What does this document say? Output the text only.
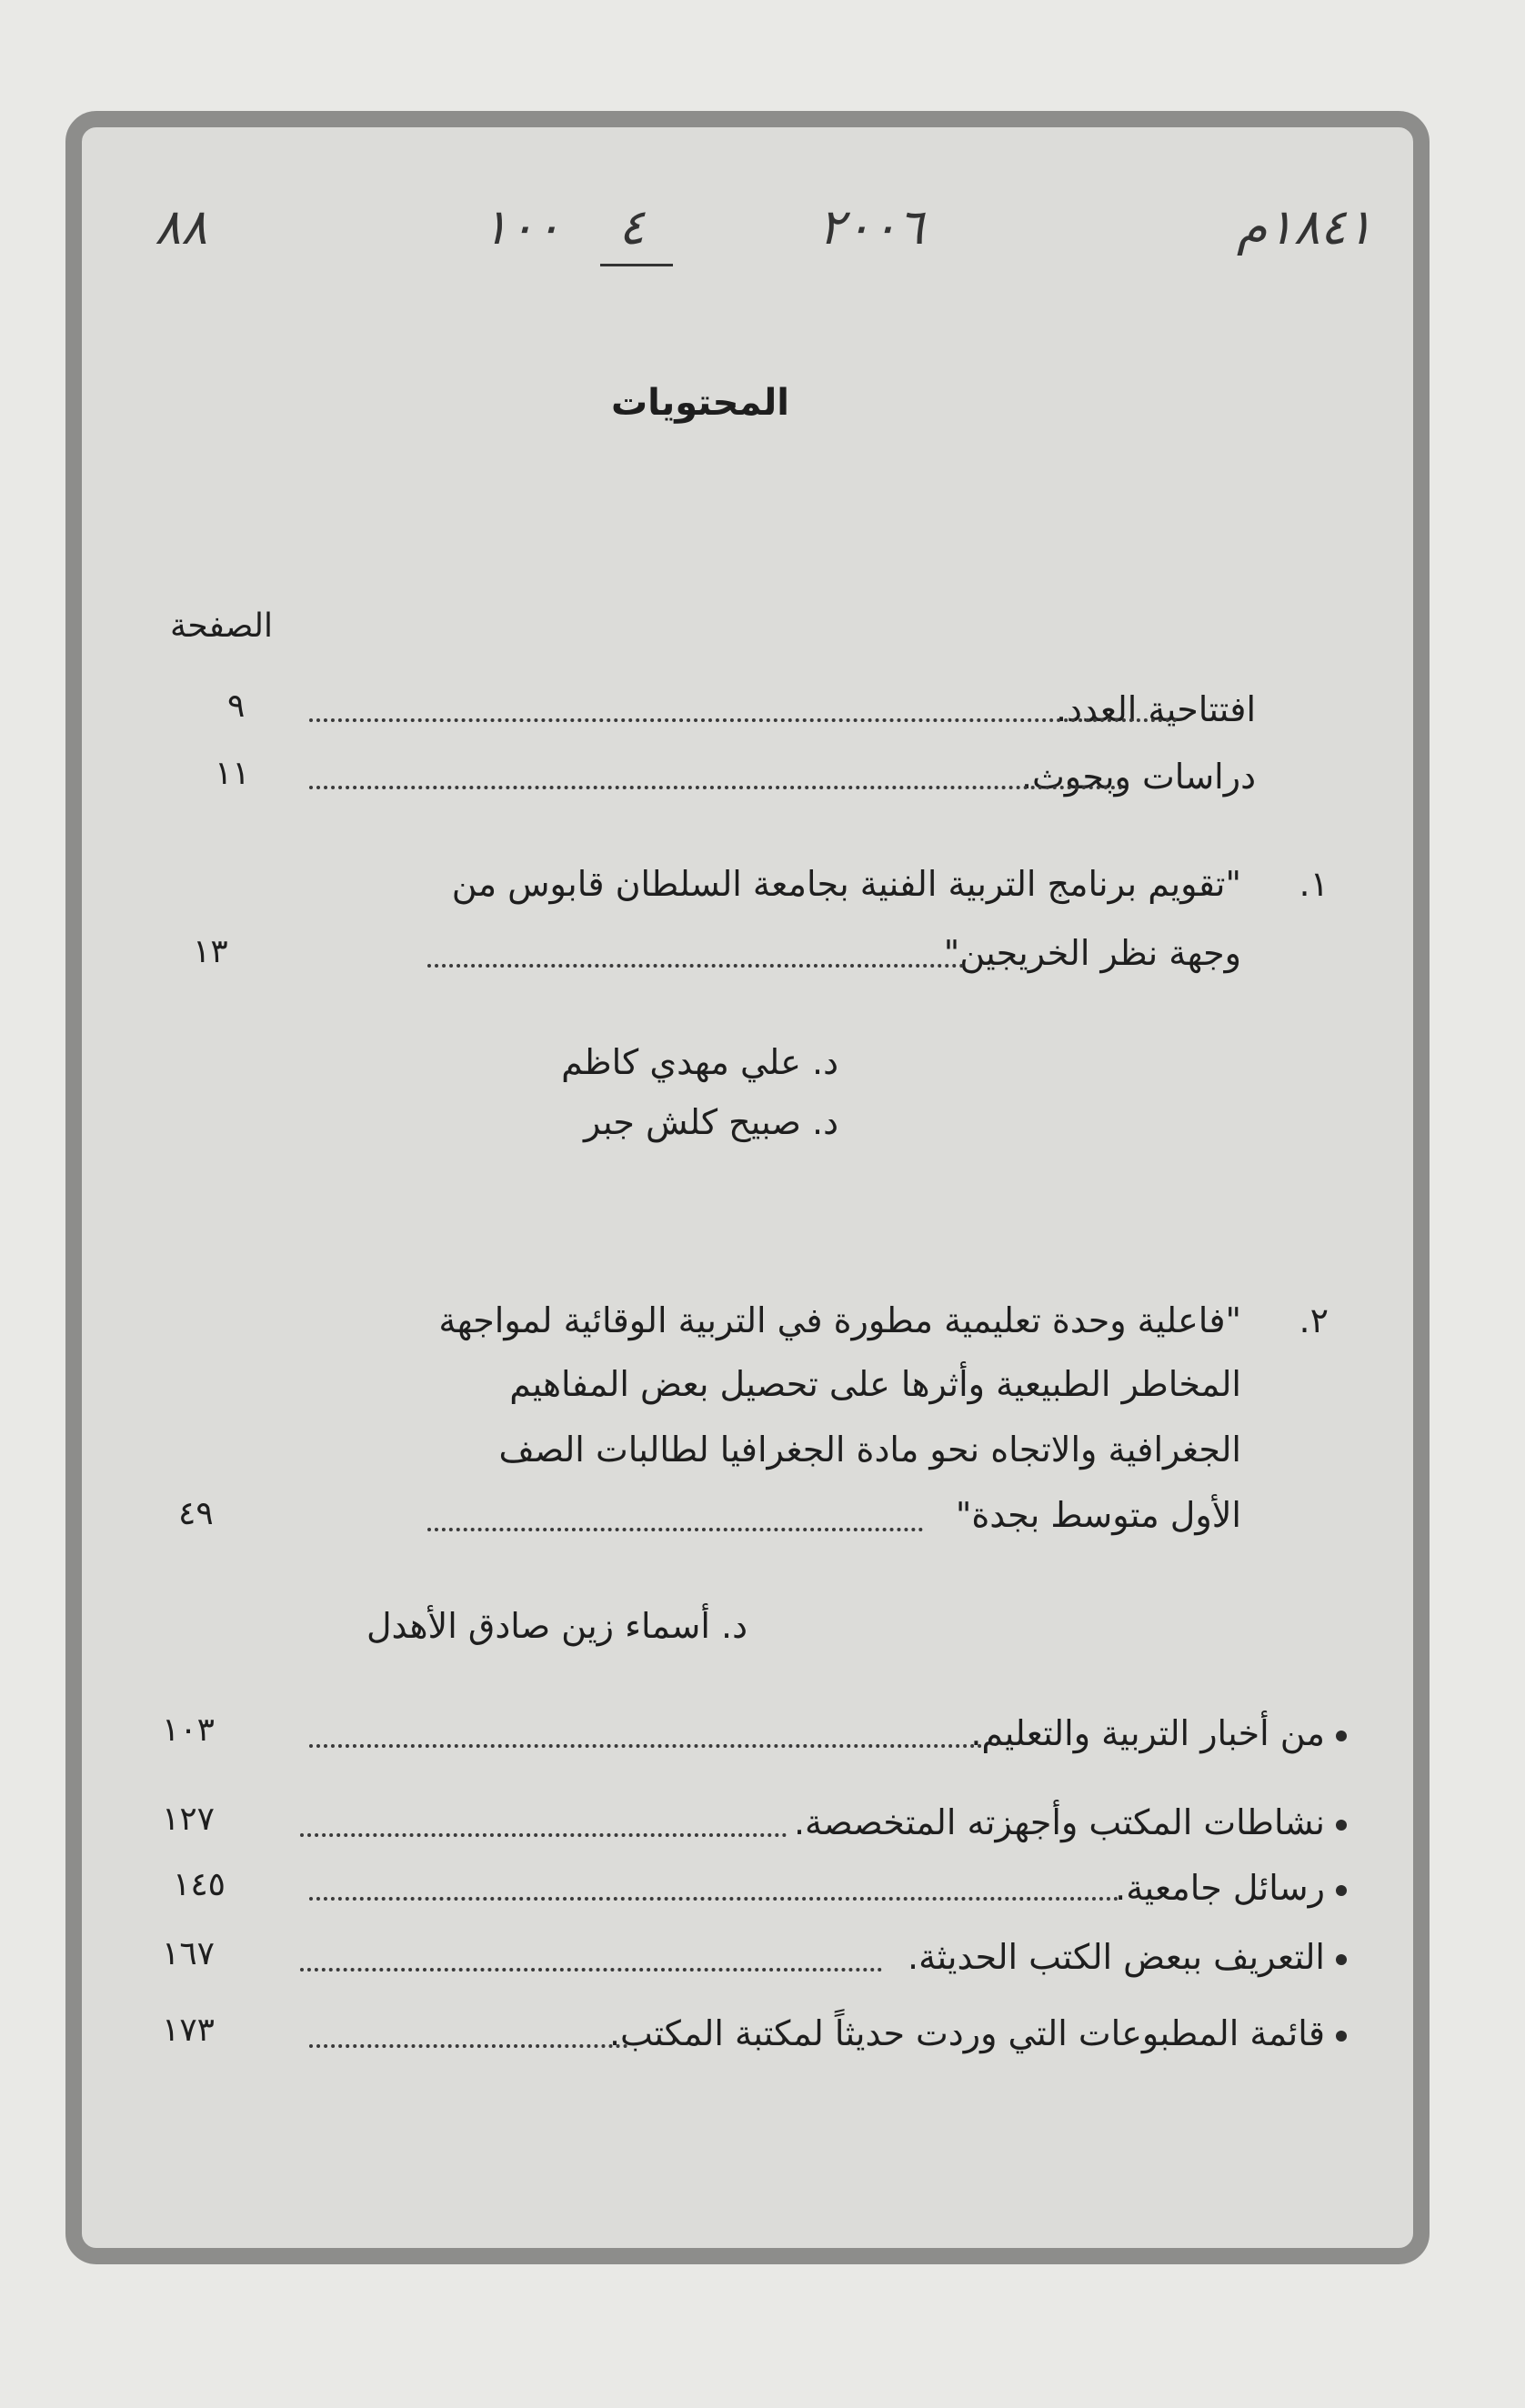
١٨٤١م
٢٠٠٦
٤
١٠٠
٨٨
المحتويات
الصفحة
افتتاحية العدد.
٩
دراسات وبحوث.
١١
١.
"تقويم برنامج التربية الفنية بجامعة السلطان قابوس من
وجهة نظر الخريجين"
١٣
د. علي مهدي كاظم
د. صبيح كلش جبر
٢.
"فاعلية وحدة تعليمية مطورة في التربية الوقائية لمواجهة
المخاطر الطبيعية وأثرها على تحصيل بعض المفاهيم
الجغرافية والاتجاه نحو مادة الجغرافيا لطالبات الصف
الأول متوسط بجدة"
٤٩
د. أسماء زين صادق الأهدل
من أخبار التربية والتعليم.
١٠٣
نشاطات المكتب وأجهزته المتخصصة.
١٢٧
رسائل جامعية.
١٤٥
التعريف ببعض الكتب الحديثة.
١٦٧
قائمة المطبوعات التي وردت حديثاً لمكتبة المكتب.
١٧٣
